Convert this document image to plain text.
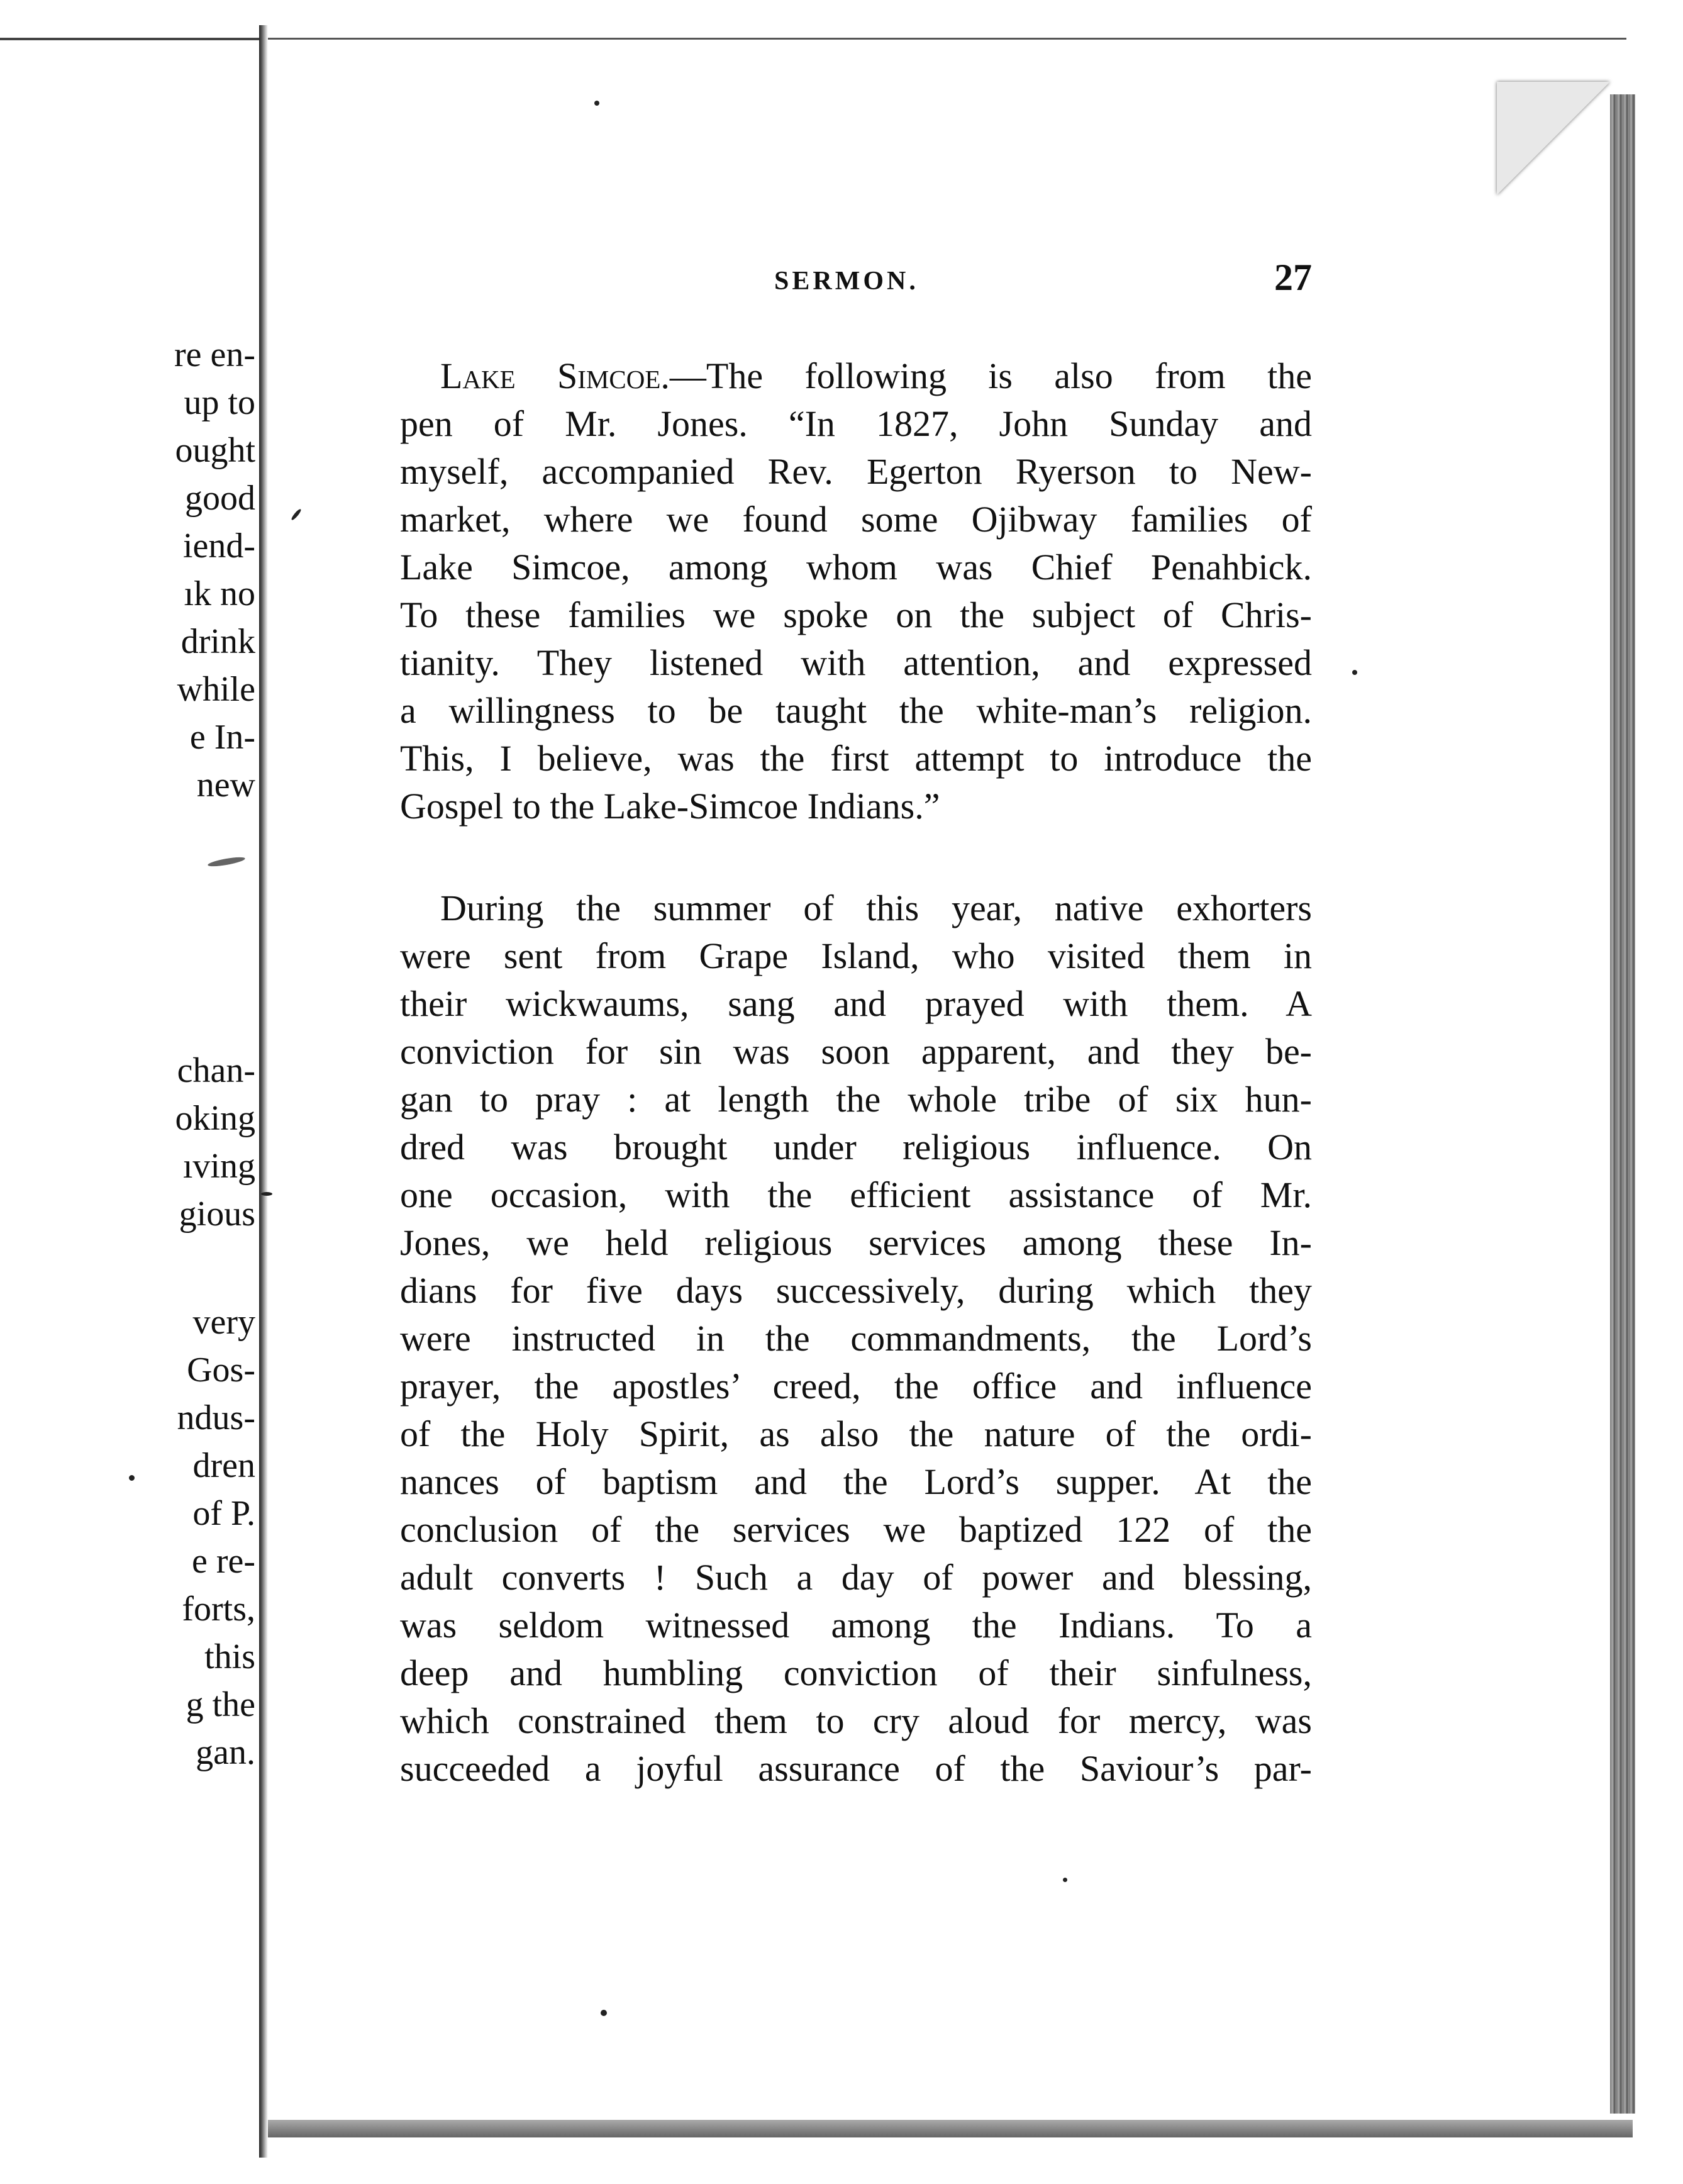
re en-
up to
ought
good
iend-
ık no
drink
while
e In-
new
chan-
oking
ıving
gious
very
Gos-
ndus-
dren
of P.
e re-
forts,
this
g the
gan.
SERMON.	27
Lake Simcoe.—The following is also from the
pen of Mr. Jones. “In 1827, John Sunday and
myself, accompanied Rev. Egerton Ryerson to New-
market, where we found some Ojibway families of
Lake Simcoe, among whom was Chief Penahbick.
To these families we spoke on the subject of Chris-
tianity. They listened with attention, and expressed
a willingness to be taught the white-man’s religion.
This, I believe, was the first attempt to introduce the
Gospel to the Lake-Simcoe Indians.”
During the summer of this year, native exhorters
were sent from Grape Island, who visited them in
their wickwaums, sang and prayed with them. A
conviction for sin was soon apparent, and they be-
gan to pray : at length the whole tribe of six hun-
dred was brought under religious influence. On
one occasion, with the efficient assistance of Mr.
Jones, we held religious services among these In-
dians for five days successively, during which they
were instructed in the commandments, the Lord’s
prayer, the apostles’ creed, the office and influence
of the Holy Spirit, as also the nature of the ordi-
nances of baptism and the Lord’s supper. At the
conclusion of the services we baptized 122 of the
adult converts ! Such a day of power and blessing,
was seldom witnessed among the Indians. To a
deep and humbling conviction of their sinfulness,
which constrained them to cry aloud for mercy, was
succeeded a joyful assurance of the Saviour’s par-
